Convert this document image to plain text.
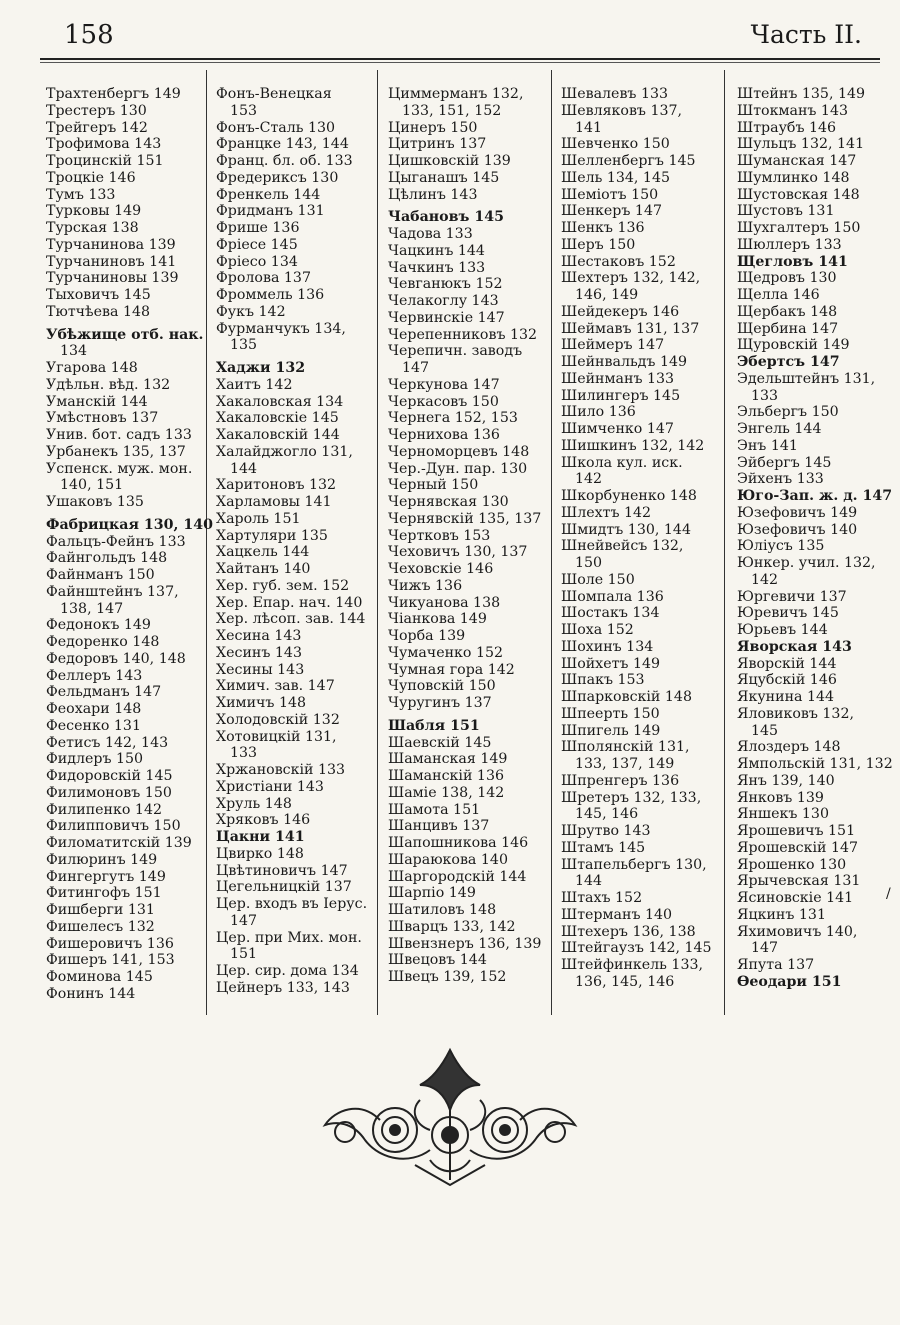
158	Часть II.
Трахтенбергъ 149
Трестеръ 130
Трейгеръ 142
Трофимова 143
Троцинскій 151
Троцкіе 146
Тумъ 133
Турковы 149
Турская 138
Турчанинова 139
Турчаниновъ 141
Турчаниновы 139
Тыховичъ 145
Тютчѣева 148
Убѣжище отб. нак.
134
Угарова 148
Удѣльн. вѣд. 132
Уманскій 144
Умѣстновъ 137
Унив. бот. садъ 133
Урбанекъ 135, 137
Успенск. муж. мон.
140, 151
Ушаковъ 135
Фабрицкая 130, 140
Фальцъ-Фейнъ 133
Файнгольдъ 148
Файнманъ 150
Файнштейнъ 137,
138, 147
Федонокъ 149
Федоренко 148
Федоровъ 140, 148
Феллеръ 143
Фельдманъ 147
Феохари 148
Фесенко 131
Фетисъ 142, 143
Фидлеръ 150
Фидоровскій 145
Филимоновъ 150
Филипенко 142
Филипповичъ 150
Филоматитскій 139
Филюринъ 149
Фингергутъ 149
Фитингофъ 151
Фишберги 131
Фишелесъ 132
Фишеровичъ 136
Фишеръ 141, 153
Фоминова 145
Фонинъ 144
Фонъ-Венецкая
153
Фонъ-Сталь 130
Францке 143, 144
Франц. бл. об. 133
Фредериксъ 130
Френкель 144
Фридманъ 131
Фрише 136
Фріесе 145
Фріесо 134
Фролова 137
Фроммель 136
Фукъ 142
Фурманчукъ 134,
135
Хаджи 132
Хаитъ 142
Хакаловская 134
Хакаловскіе 145
Хакаловскій 144
Халайджогло 131,
144
Харитоновъ 132
Харламовы 141
Хароль 151
Хартуляри 135
Хацкель 144
Хайтанъ 140
Хер. губ. зем. 152
Хер. Епар. нач. 140
Хер. лѣсоп. зав. 144
Хесина 143
Хесинъ 143
Хесины 143
Химич. зав. 147
Химичъ 148
Холодовскій 132
Хотовицкій 131,
133
Хржановскій 133
Христіани 143
Хруль 148
Хряковъ 146
Цакни 141
Цвирко 148
Цвѣтиновичъ 147
Цегельницкій 137
Цер. входъ въ Іерус.
147
Цер. при Мих. мон.
151
Цер. сир. дома 134
Цейнеръ 133, 143
Циммерманъ 132,
133, 151, 152
Цинеръ 150
Цитринъ 137
Цишковскій 139
Цыганашъ 145
Цѣлинъ 143
Чабановъ 145
Чадова 133
Чацкинъ 144
Чачкинъ 133
Чевганюкъ 152
Челакоглу 143
Червинскіе 147
Черепенниковъ 132
Черепичн. заводъ
147
Черкунова 147
Черкасовъ 150
Чернега 152, 153
Чернихова 136
Черноморцевъ 148
Чер.-Дун. пар. 130
Черный 150
Чернявская 130
Чернявскій 135, 137
Чертковъ 153
Чеховичъ 130, 137
Чеховскіе 146
Чижъ 136
Чикуанова 138
Чіанкова 149
Чорба 139
Чумаченко 152
Чумная гора 142
Чуповскій 150
Чуругинъ 137
Шабля 151
Шаевскій 145
Шаманская 149
Шаманскій 136
Шаміе 138, 142
Шамота 151
Шанцивъ 137
Шапошникова 146
Шараюкова 140
Шаргородскій 144
Шарпіо 149
Шатиловъ 148
Шварцъ 133, 142
Швензнеръ 136, 139
Швецовъ 144
Швецъ 139, 152
Шевалевъ 133
Шевляковъ 137,
141
Шевченко 150
Шелленбергъ 145
Шель 134, 145
Шеміотъ 150
Шенкеръ 147
Шенкъ 136
Шеръ 150
Шестаковъ 152
Шехтеръ 132, 142,
146, 149
Шейдекеръ 146
Шеймавъ 131, 137
Шеймеръ 147
Шейнвальдъ 149
Шейнманъ 133
Шилингеръ 145
Шило 136
Шимченко 147
Шишкинъ 132, 142
Школа кул. иск.
142
Шкорбуненко 148
Шлехтъ 142
Шмидтъ 130, 144
Шнейвейсъ 132,
150
Шоле 150
Шомпала 136
Шостакъ 134
Шоха 152
Шохинъ 134
Шойхетъ 149
Шпакъ 153
Шпарковскій 148
Шпеерть 150
Шпигель 149
Шполянскій 131,
133, 137, 149
Шпренгеръ 136
Шретеръ 132, 133,
145, 146
Шрутво 143
Штамъ 145
Штапельбергъ 130,
144
Штахъ 152
Штерманъ 140
Штехеръ 136, 138
Штейгаузъ 142, 145
Штейфинкель 133,
136, 145, 146
Штейнъ 135, 149
Штокманъ 143
Штраубъ 146
Шульцъ 132, 141
Шуманская 147
Шумлинко 148
Шустовская 148
Шустовъ 131
Шухгалтеръ 150
Шюллеръ 133
Щегловъ 141
Щедровъ 130
Щелла 146
Щербакъ 148
Щербина 147
Щуровскій 149
Эбертсъ 147
Эдельштейнъ 131,
133
Эльбергъ 150
Энгель 144
Энъ 141
Эйбергъ 145
Эйхенъ 133
Юго-Зап. ж. д. 147
Юзефовичъ 149
Юзефовичъ 140
Юліусъ 135
Юнкер. учил. 132,
142
Юргевичи 137
Юревичъ 145
Юрьевъ 144
Яворская 143
Яворскій 144
Яцубскій 146
Якунина 144
Яловиковъ 132,
145
Ялоздеръ 148
Ямпольскій 131, 132
Янъ 139, 140
Янковъ 139
Яншекъ 130
Ярошевичъ 151
Ярошевскій 147
Ярошенко 130
Ярычевская 131
Ясиновскіе 141
Яцкинъ 131
Яхимовичъ 140,
147
Япута 137
Ѳеодари 151
/
